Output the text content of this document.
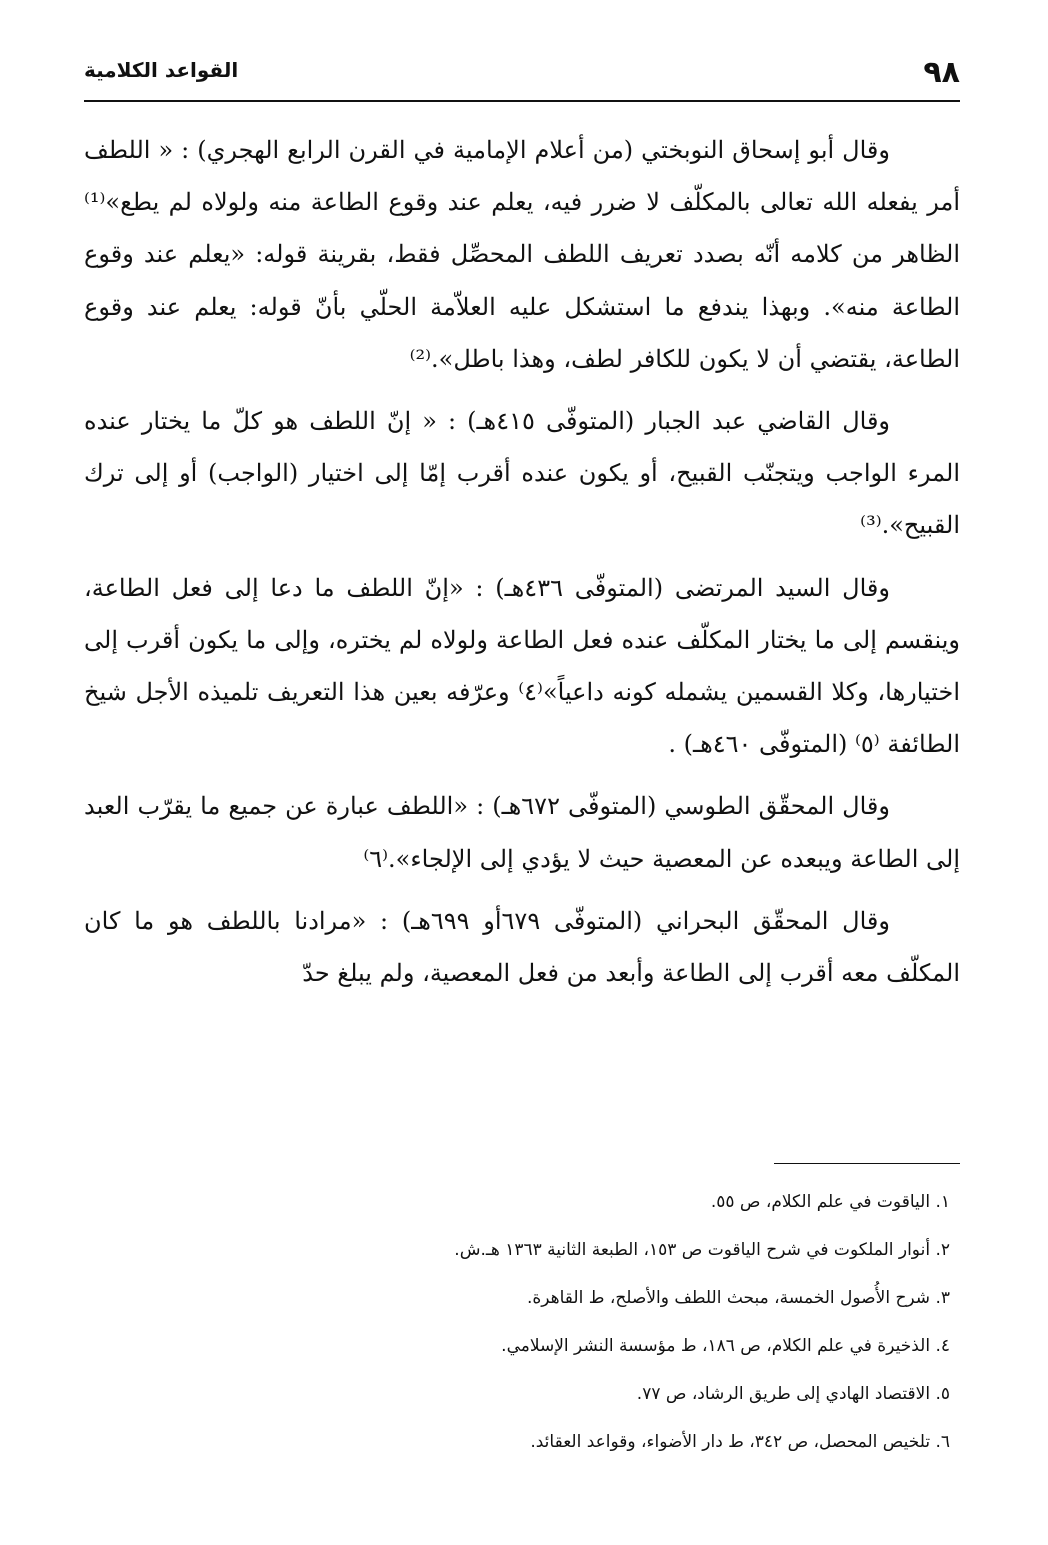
٩٨
القواعد الكلامية

وقال أبو إسحاق النوبختي (من أعلام الإمامية في القرن الرابع الهجري) : « اللطف أمر يفعله الله تعالى بالمكلّف لا ضرر فيه، يعلم عند وقوع الطاعة منه ولولاه لم يطع»⁽¹⁾ الظاهر من كلامه أنّه بصدد تعريف اللطف المحصِّل فقط، بقرينة قوله: «يعلم عند وقوع الطاعة منه». وبهذا يندفع ما استشكل عليه العلاّمة الحلّي بأنّ قوله: يعلم عند وقوع الطاعة، يقتضي أن لا يكون للكافر لطف، وهذا باطل».⁽²⁾

وقال القاضي عبد الجبار (المتوفّى ٤١٥هـ) : « إنّ اللطف هو كلّ ما يختار عنده المرء الواجب ويتجنّب القبيح، أو يكون عنده أقرب إمّا إلى اختيار (الواجب) أو إلى ترك القبيح».⁽³⁾

وقال السيد المرتضى (المتوفّى ٤٣٦هـ) : «إنّ اللطف ما دعا إلى فعل الطاعة، وينقسم إلى ما يختار المكلّف عنده فعل الطاعة ولولاه لم يختره، وإلى ما يكون أقرب إلى اختيارها، وكلا القسمين يشمله كونه داعياً»⁽٤⁾ وعرّفه بعين هذا التعريف تلميذه الأجل شيخ الطائفة ⁽٥⁾ (المتوفّى ٤٦٠هـ) .

وقال المحقّق الطوسي (المتوفّى ٦٧٢هـ) : «اللطف عبارة عن جميع ما يقرّب العبد إلى الطاعة ويبعده عن المعصية حيث لا يؤدي إلى الإلجاء».⁽٦⁾

وقال المحقّق البحراني (المتوفّى ٦٧٩أو ٦٩٩هـ) : «مرادنا باللطف هو ما كان المكلّف معه أقرب إلى الطاعة وأبعد من فعل المعصية، ولم يبلغ حدّ

١. الياقوت في علم الكلام، ص ٥٥.

٢. أنوار الملكوت في شرح الياقوت ص ١٥٣، الطبعة الثانية ١٣٦٣ هـ.ش.

٣. شرح الأُصول الخمسة، مبحث اللطف والأصلح، ط القاهرة.

٤. الذخيرة في علم الكلام، ص ١٨٦، ط مؤسسة النشر الإسلامي.

٥. الاقتصاد الهادي إلى طريق الرشاد، ص ٧٧.

٦. تلخيص المحصل، ص ٣٤٢، ط دار الأضواء، وقواعد العقائد.
